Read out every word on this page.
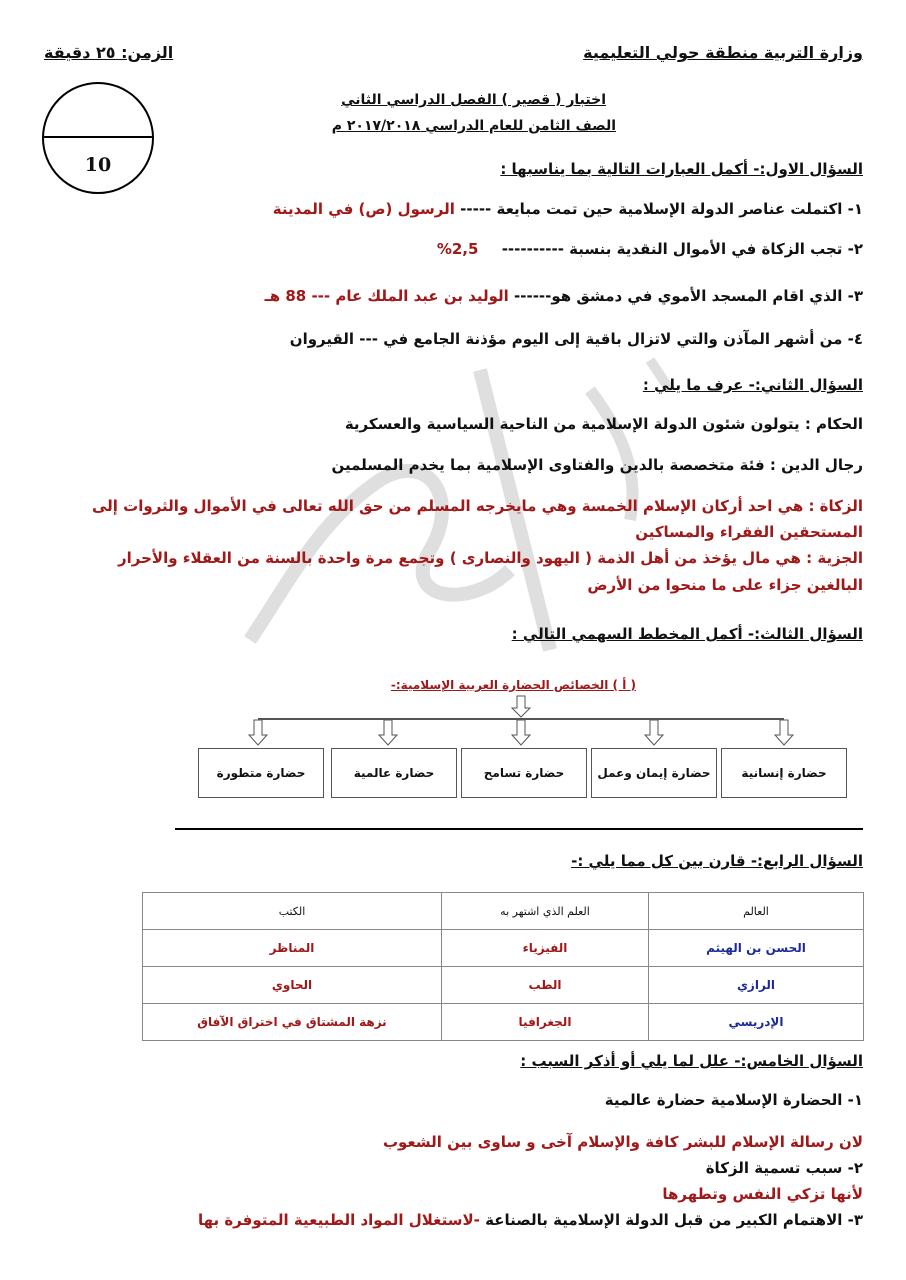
وزارة التربية منطقة حولي التعليمية
الزمن: ٢٥ دقيقة
10
اختبار ( قصير ) الفصل الدراسي الثاني
الصف الثامن للعام الدراسي ٢٠١٧/٢٠١٨ م
السؤال الاول:- أكمل العبارات التالية بما يناسبها :
١- اكتملت عناصر الدولة الإسلامية حين تمت مبايعة ----- الرسول (ص) في المدينة
٢- تجب الزكاة في الأموال النقدية بنسبة ---------- 2,5%
٣- الذي اقام المسجد الأموي في دمشق هو------ الوليد بن عبد الملك عام --- 88 هـ
٤- من أشهر المآذن والتي لاتزال باقية إلى اليوم مؤذنة الجامع في --- القيروان
السؤال الثاني:- عرف ما يلي :
الحكام : يتولون شئون الدولة الإسلامية من الناحية السياسية والعسكرية
رجال الدين : فئة متخصصة بالدين والفتاوى الإسلامية بما يخدم المسلمين
الزكاة : هي احد أركان الإسلام الخمسة وهي مايخرجه المسلم من حق الله تعالى في الأموال والثروات إلى
المستحقين الفقراء والمساكين
الجزية : هي مال يؤخذ من أهل الذمة ( اليهود والنصارى ) وتجمع مرة واحدة بالسنة من العقلاء والأحرار
البالغين جزاء على ما منحوا من الأرض
السؤال الثالث:- أكمل المخطط السهمي التالي :
( أ ) الخصائص الحضارة العربية الإسلامية:-
حضارة إنسانية
حضارة إيمان وعمل
حضارة تسامح
حضارة عالمية
حضارة متطورة
السؤال الرابع:- قارن بين كل مما يلي :-
العالم	العلم الذي اشتهر به	الكتب
الحسن بن الهيثم	الفيزياء	المناظر
الرازي	الطب	الحاوي
الإدريسي	الجغرافيا	نزهة المشتاق في اختراق الآفاق
السؤال الخامس:- علل لما يلي أو أذكر السبب :
١- الحضارة الإسلامية حضارة عالمية
لان رسالة الإسلام للبشر كافة والإسلام آخى و ساوى بين الشعوب
٢- سبب تسمية الزكاة
لأنها تزكي النفس وتطهرها
٣- الاهتمام الكبير من قبل الدولة الإسلامية بالصناعة -لاستغلال المواد الطبيعية المتوفرة بها
